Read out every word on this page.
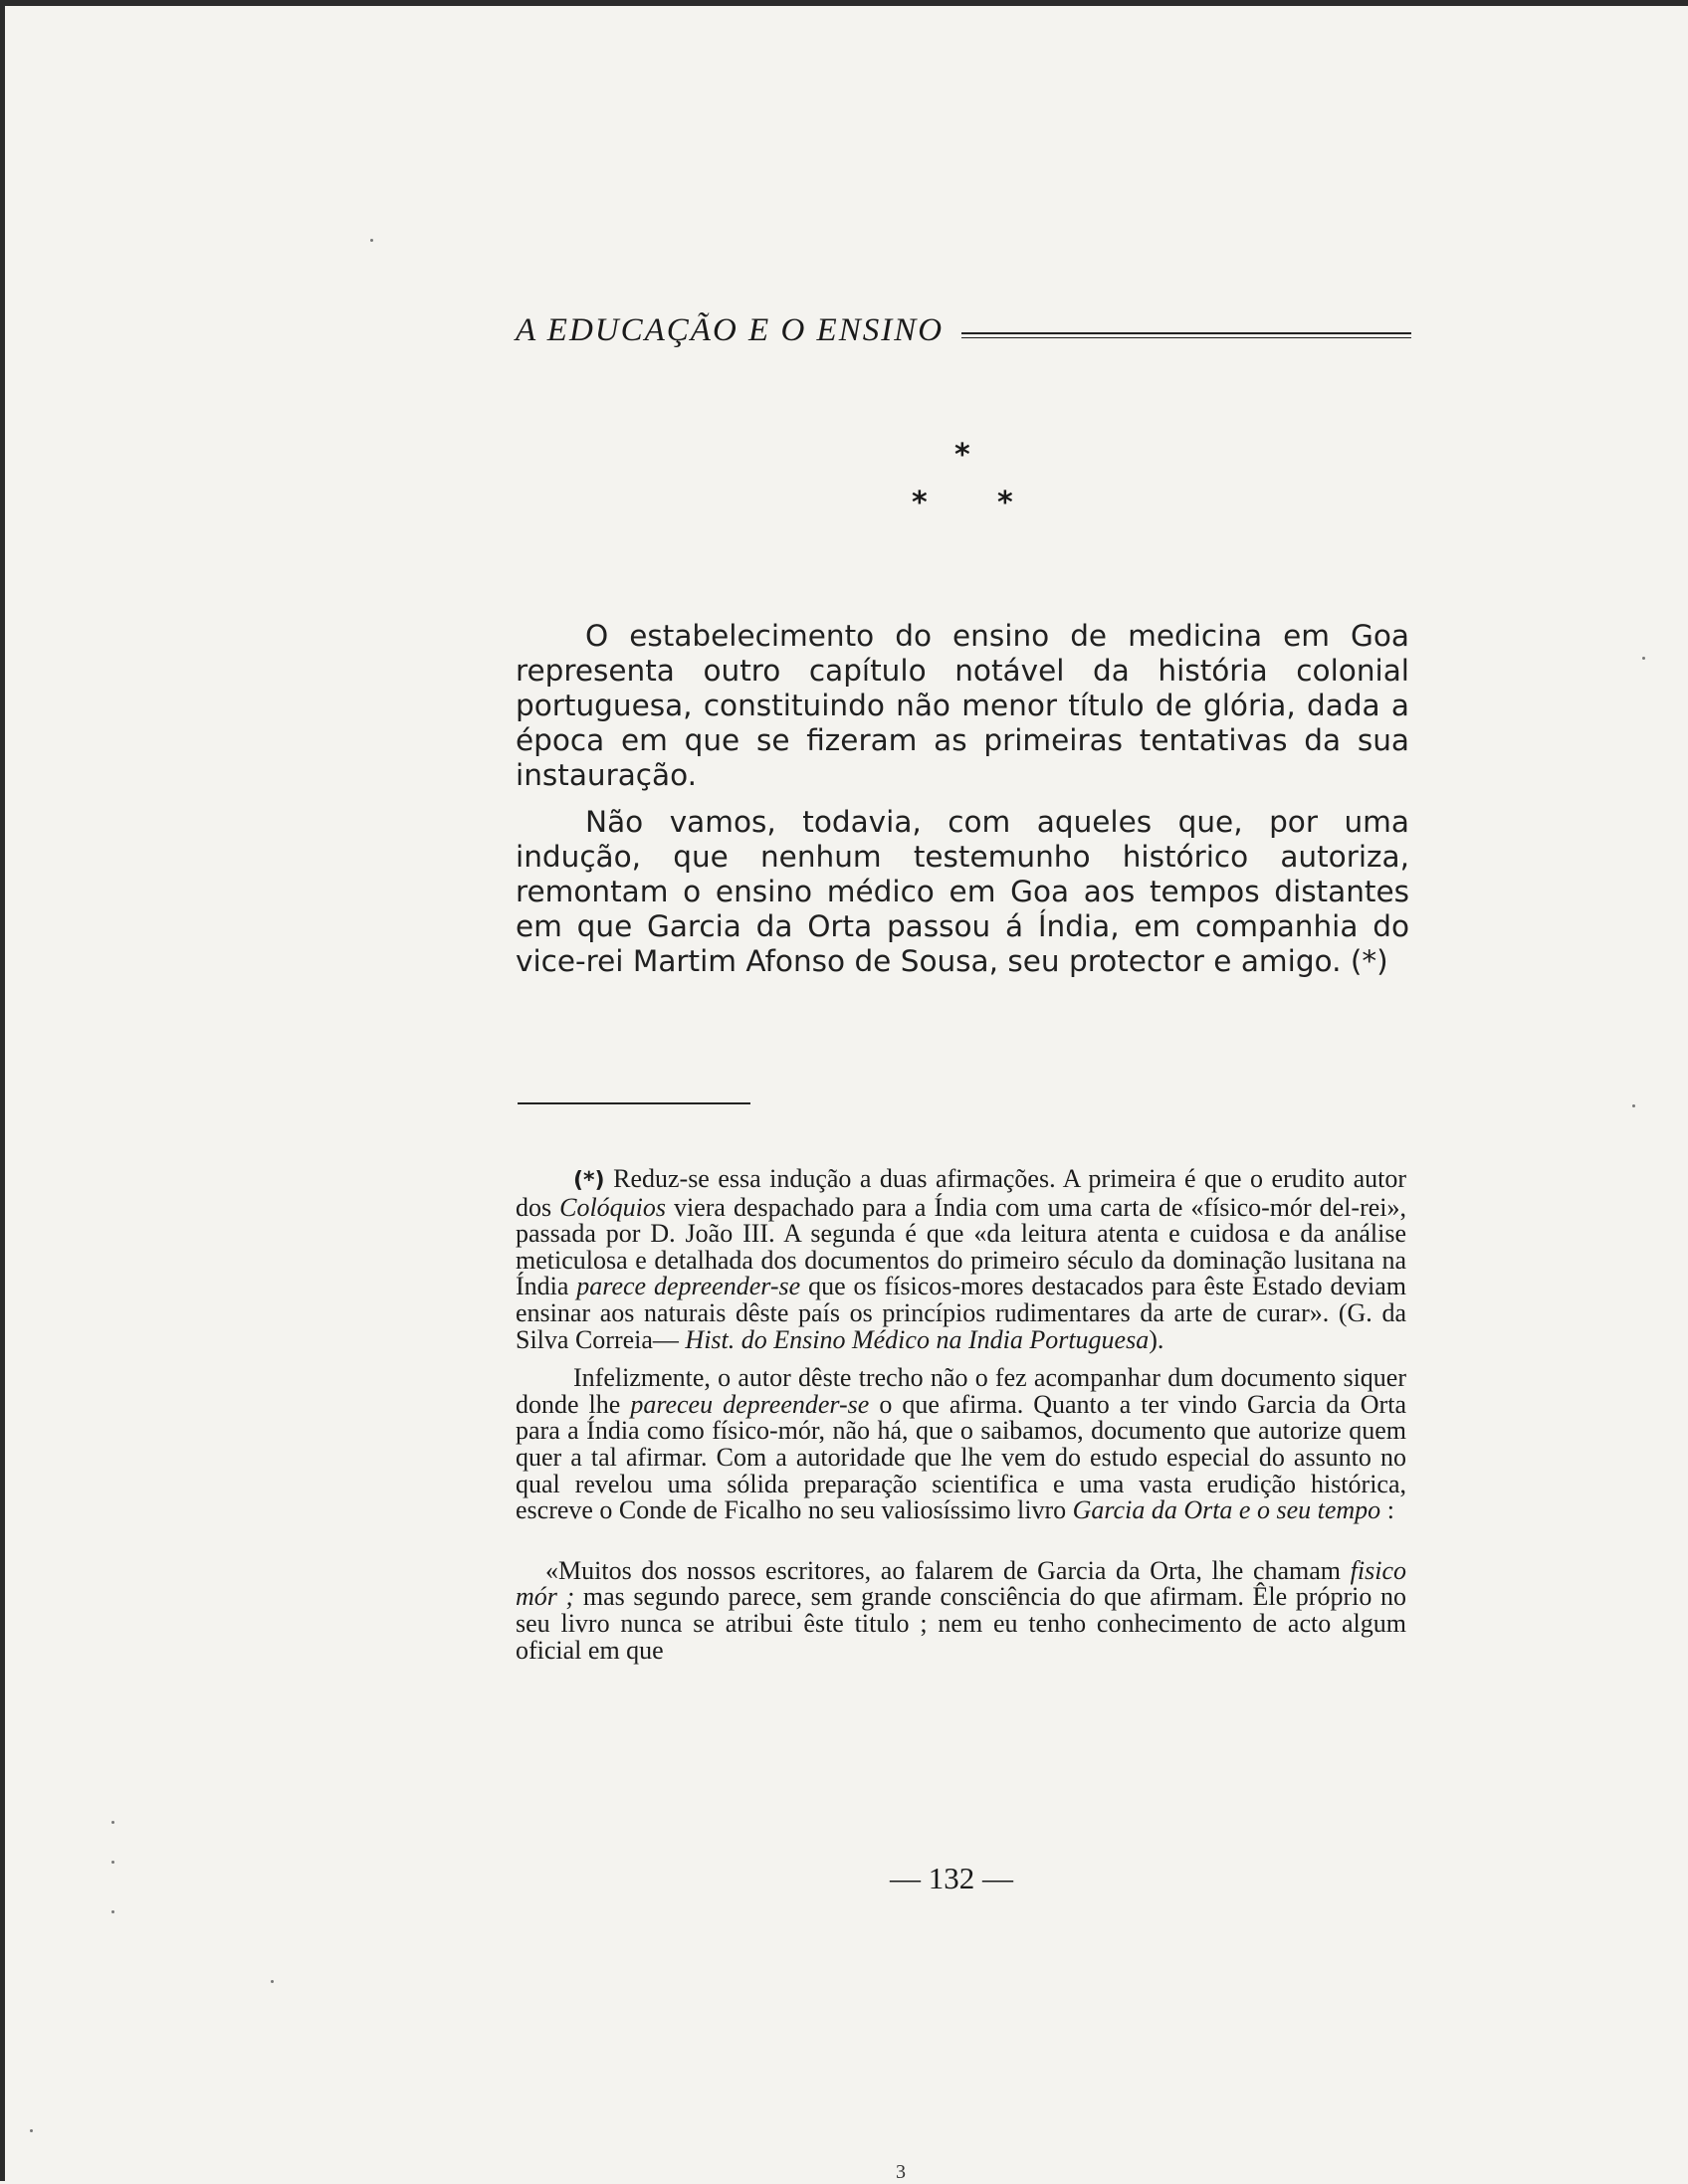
A EDUCAÇÃO E O ENSINO
*
* *

O estabelecimento do ensino de medicina em Goa representa outro capítulo notável da história colonial portuguesa, constituindo não menor título de glória, dada a época em que se fizeram as primeiras tentativas da sua instauração.

Não vamos, todavia, com aqueles que, por uma indução, que nenhum testemunho histórico autoriza, remontam o ensino médico em Goa aos tempos distantes em que Garcia da Orta passou á Índia, em companhia do vice-rei Martim Afonso de Sousa, seu protector e amigo. (*)

(*) Reduz-se essa indução a duas afirmações. A primeira é que o erudito autor dos Colóquios viera despachado para a Índia com uma carta de «físico-mór del-rei», passada por D. João III. A segunda é que «da leitura atenta e cuidosa e da análise meticulosa e detalhada dos documentos do primeiro século da dominação lusitana na Índia parece depreender-se que os físicos-mores destacados para êste Estado deviam ensinar aos naturais dêste país os princípios rudimentares da arte de curar». (G. da Silva Correia— Hist. do Ensino Médico na India Portuguesa).

Infelizmente, o autor dêste trecho não o fez acompanhar dum documento siquer donde lhe pareceu depreender-se o que afirma. Quanto a ter vindo Garcia da Orta para a Índia como físico-mór, não há, que o saibamos, documento que autorize quem quer a tal afirmar. Com a autoridade que lhe vem do estudo especial do assunto no qual revelou uma sólida preparação scientifica e uma vasta erudição histórica, escreve o Conde de Ficalho no seu valiosíssimo livro Garcia da Orta e o seu tempo :

«Muitos dos nossos escritores, ao falarem de Garcia da Orta, lhe chamam fisico mór ; mas segundo parece, sem grande consciência do que afirmam. Êle próprio no seu livro nunca se atribui êste titulo ; nem eu tenho conhecimento de acto algum oficial em que

— 132 —
3
